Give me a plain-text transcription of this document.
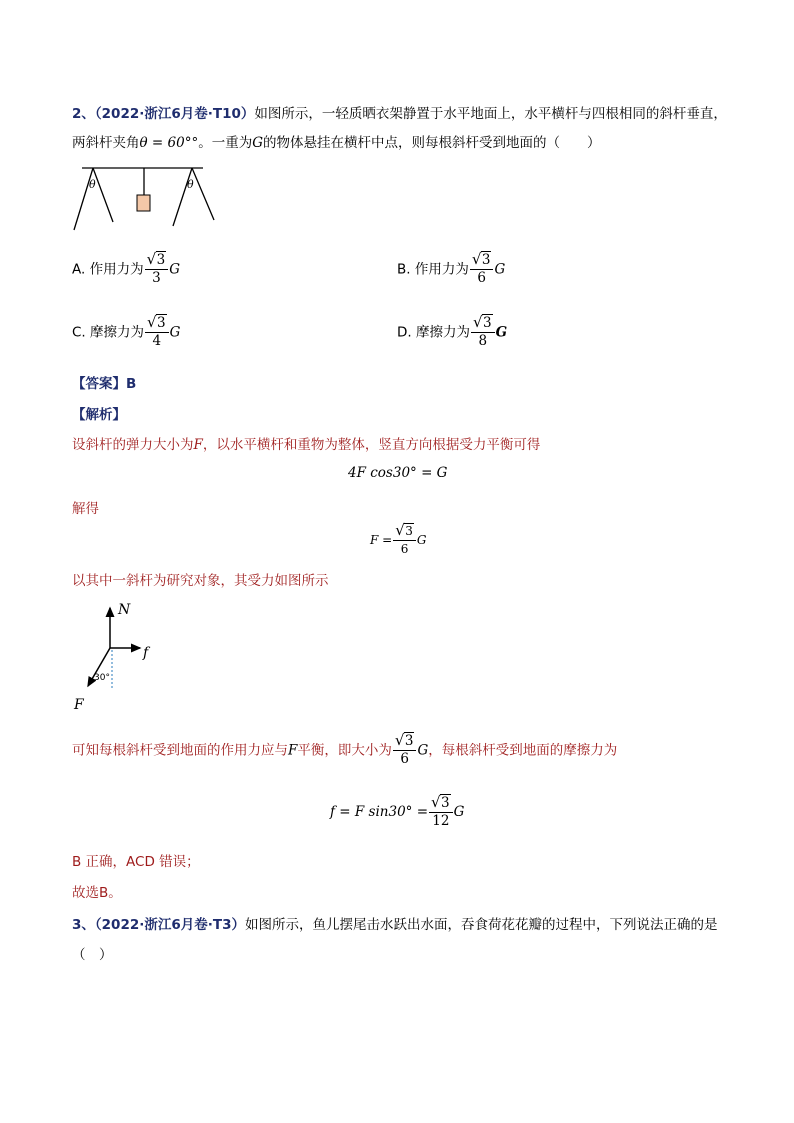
2、（2022·浙江6月卷·T10）如图所示，一轻质晒衣架静置于水平地面上，水平横杆与四根相同的斜杆垂直，
两斜杆夹角θ = 60°°。一重为G的物体悬挂在横杆中点，则每根斜杆受到地面的（　　）
θ	θ
A. 作用力为 $\frac{√ 3}{3}$ G	B. 作用力为 $\frac{√ 3}{6}$ G
C. 摩擦力为 $\frac{√ 3}{4}$ G	D. 摩擦力为 $\frac{√ 3}{8}$ G
【答案】B
【解析】
设斜杆的弹力大小为F，以水平横杆和重物为整体，竖直方向根据受力平衡可得
4F cos30° = G
解得
$F = \frac{√ 3}{6}$ G
以其中一斜杆为研究对象，其受力如图所示
N
f
30°
F
可知每根斜杆受到地面的作用力应与F平衡，即大小为 $\frac{√ 3}{6}$ G，每根斜杆受到地面的摩擦力为
f = F $\sin 30^\circ = \frac{√ 3}{12}$ G
B 正确，ACD 错误；
故选B。
3、（2022·浙江6月卷·T3）如图所示，鱼儿摆尾击水跃出水面，吞食荷花花瓣的过程中，下列说法正确的是
（　）
